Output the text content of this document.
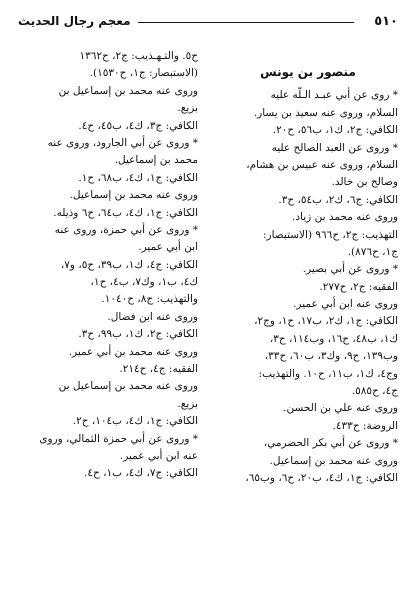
٥١٠
معجم رجال الحديث

منصور بن يونس

* روى عن أبي عبـد الـلّه عليه

السلام، وروى عنه سعيد بن يسار.

الكافي: ج٢، ك١، ب٥٦، ح٢٠.

* وروى عن العبد الصالح عليه

السلام، وروى عنه عبيس بن هشام،

وصالح بن خالد.

الكافي: ج٦، ك٢، ب٥٤، ح٣.

وروى عنه محمد بن زياد.

التهذيب: ج٢، ح٩٦٦ (الاستبصار:

ج١، ح٨٧٦).

* وروى عن أبي بصير.

الفقيه: ج٢، ح٢٧٧.

وروى عنه ابن أبي عمير.

الكافي: ج١، ك٢، ب١٧، ح١، وج٢،

ك١، ب٤٨، ح١٦، وب١١٤، ح٣،

وب١٣٩، ح٩، وك٣، ب٦٠، ح٣٣،

وج٤، ك١، ب١١، ح١٠. والتهذيب:

ج٤، ح٥٨٥.

وروى عنه علي بن الحسن.

الروضة: ح٤٣٣.

* وروى عن أبي بكر الحضرمي،

وروى عنه محمد بن إسماعيل.

الكافي: ج١، ك٤، ب٢٠، ح٦، وب٦٥،

ح٥. والتـهـذيب: ج٢، ح١٣٦٢

(الاستبصار: ج١، ح١٥٣٠).

وروى عنه محمد بن إسماعيل بن

بزيع.

الكافي: ج٣، ك٤، ب٤٥، ح٤.

* وروى عن أبي الجارود، وروى عنه

محمد بن إسماعيل.

الكافي: ج١، ك٤، ب٦٨، ح١.

وروى عنه محمد بن إسماعيل.

الكافي: ج١، ك٤، ب٦٤، ح٦ وذيله.

* وروى عن أبي حمزة، وروى عنه

ابن أبي عمير.

الكافي: ج٤، ك١، ب٣٩، ح٥، و٧،

ك٤، ب١، وك٧، ب٤، ح١،

والتهذيب: ج٨، ح١٠٤٠.

وروى عنه ابن فضال.

الكافي: ج٢، ك١، ب٩٩، ح٣.

وروى عنه محمد بن أبي عمير.

الفقيه: ج٤، ح٢١٤.

وروى عنه محمد بن إسماعيل بن

بزيع.

الكافي: ج١، ك٤، ب١٠٤، ح٢.

* وروى عن أبي حمزة الثمالي، وروى

عنه ابن أبي عمير.

الكافي: ج٧، ك٤، ب١، ح٤.
